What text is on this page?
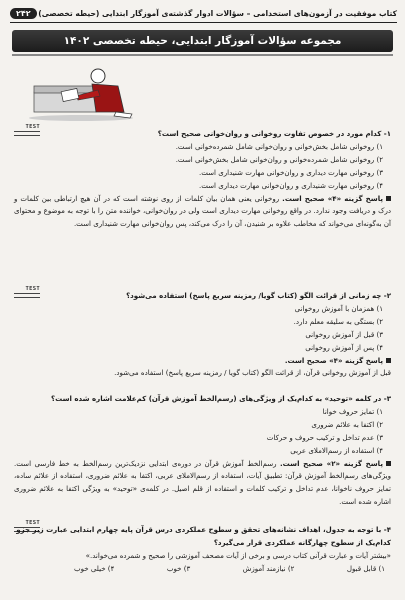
کتاب موفقیت در آزمون‌های استخدامی – سؤالات ادوار گذشته‌ی آموزگار ابتدایی (حیطه تخصصی)
۲۴۲
مجموعه سؤالات آموزگار ابتدایی، حیطه تخصصی ۱۴۰۲
TEST
۱- کدام مورد در خصوص تفاوت روخوانی و روان‌خوانی صحیح است؟
۱) روخوانی شامل بخش‌خوانی و روان‌خوانی شامل شمرده‌خوانی است.
۲) روخوانی شامل شمرده‌خوانی و روان‌خوانی شامل بخش‌خوانی است.
۳) روخوانی مهارت دیداری و روان‌خوانی مهارت شنیداری است.
۴) روخوانی مهارت شنیداری و روان‌خوانی مهارت دیداری است.
پاسخ گزینه «۴» صحیح است. روخوانی یعنی همان بیان کلمات از روی نوشته است که در آن هیچ ارتباطی بین کلمات و درک و دریافت وجود ندارد. در واقع روخوانی مهارت دیداری است ولی در روان‌خوانی، خواننده متن را با توجه به موضوع و محتوای آن به‌گونه‌ای می‌خواند که مخاطب علاوه بر شنیدن، آن را درک می‌کند، پس روان‌خوانی مهارت شنیداری است.
TEST
۲- چه زمانی از قرائت الگو (کتاب گویا/ رمزینه سریع پاسخ) استفاده می‌شود؟
۱) همزمان با آموزش روخوانی
۲) بستگی به سلیقه معلم دارد.
۳) قبل از آموزش روخوانی
۴) پس از آموزش روخوانی
پاسخ گزینه «۴» صحیح است.
قبل از آموزش روخوانی قرآن، از قرائت الگو (کتاب گویا / رمزینه سریع پاسخ) استفاده می‌شود.
۳- در کلمه «توحید» به کدام‌یک از ویژگی‌های (رسم‌الخط آموزش قرآن) کم‌علامت اشاره شده است؟
۱) تمایز حروف خوانا
۲) اکتفا به علائم ضروری
۳) عدم تداخل و ترکیب حروف و حرکات
۴) استفاده از رسم‌الاملای عربی
پاسخ گزینه «۲» صحیح است. رسم‌الخط آموزش قرآن در دوره‌ی ابتدایی نزدیک‌ترین رسم‌الخط به خط فارسی است. ویژگی‌های رسم‌الخط آموزش قرآن: تطبیق آیات، استفاده از رسم‌الاملای عربی، اکتفا به علائم ضروری، استفاده از علائم ساده، تمایز حروف ناخوانا، عدم تداخل و ترکیب کلمات و استفاده از قلم اصیل. در کلمه‌ی «توحید» به ویژگی اکتفا به علائم ضروری اشاره شده است.
TEST
۴- با توجه به جدول، اهداف نشانه‌های تحقق و سطوح عملکردی درس قرآن پایه چهارم ابتدایی عبارت زیر جزو کدام‌یک از سطوح چهارگانه عملکردی قرار می‌گیرد؟
«بیشتر آیات و عبارت قرآنی کتاب درسی و برخی از آیات مصحف آموزشی را صحیح و شمرده می‌خواند.»
۱) قابل قبول
۲) نیازمند آموزش
۳) خوب
۴) خیلی خوب
